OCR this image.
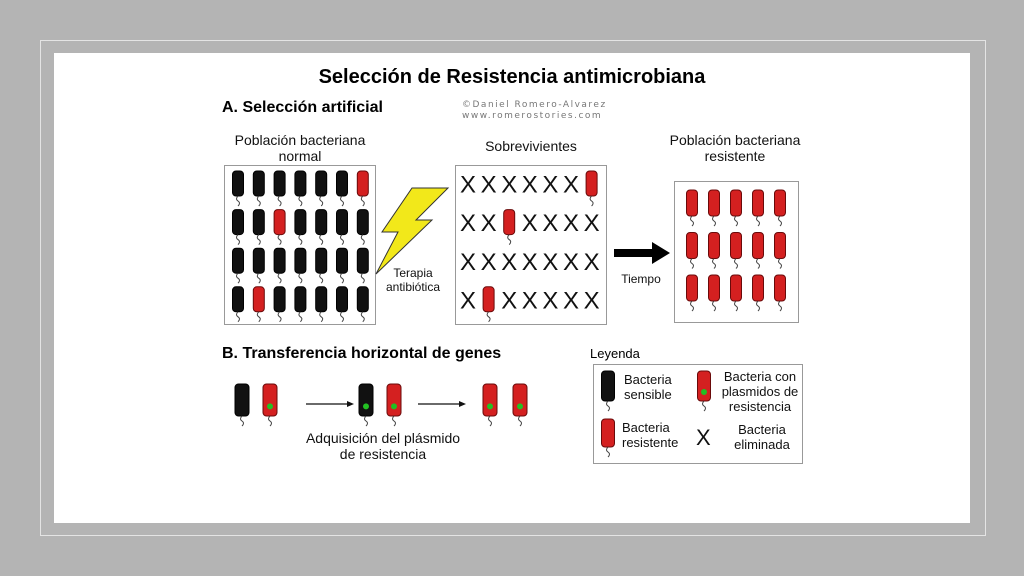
Selección de Resistencia antimicrobiana
A. Selección artificial	©Daniel Romero-Alvarez
www.romerostories.com
Población bacteriana
normal
Terapia
antibiótica
Sobrevivientes
X X X X X X
X X X X X X
X X X X X X X
X X X X X X
Tiempo
Población bacteriana
resistente
B. Transferencia horizontal de genes
Adquisición del plásmido
de resistencia
Leyenda
Bacteria
sensible
Bacteria
resistente
Bacteria con
plasmidos de
resistencia
X	Bacteria
eliminada
